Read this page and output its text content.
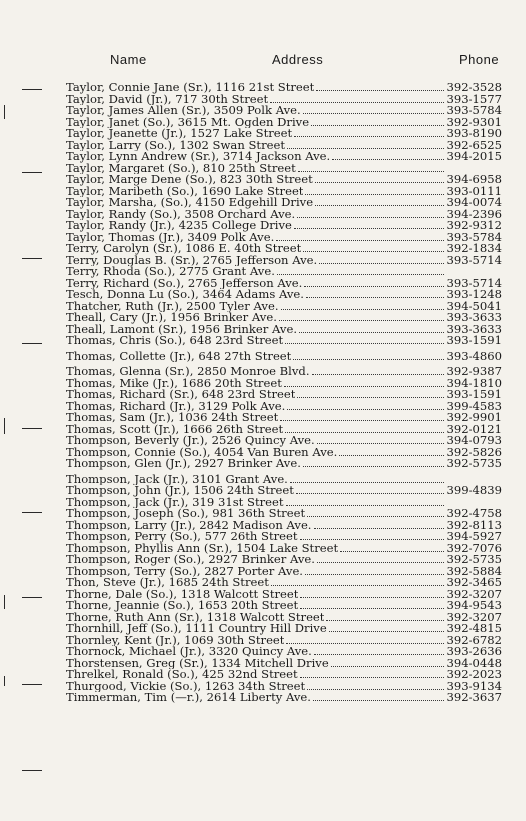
Name	Address	Phone
Taylor, Connie Jane (Sr.), 1116 21st Street	392-3528
Taylor, David (Jr.), 717 30th Street	393-1577
Taylor, James Allen (Sr.), 3509 Polk Ave.	393-5784
Taylor, Janet (So.), 3615 Mt. Ogden Drive	392-9301
Taylor, Jeanette (Jr.), 1527 Lake Street	393-8190
Taylor, Larry (So.), 1302 Swan Street	392-6525
Taylor, Lynn Andrew (Sr.), 3714 Jackson Ave.	394-2015
Taylor, Margaret (So.), 810 25th Street
Taylor, Marge Dene (So.), 823 30th Street	394-6958
Taylor, Maribeth (So.), 1690 Lake Street	393-0111
Taylor, Marsha, (So.), 4150 Edgehill Drive	394-0074
Taylor, Randy (So.), 3508 Orchard Ave.	394-2396
Taylor, Randy (Jr.), 4235 College Drive	392-9312
Taylor, Thomas (Jr.), 3409 Polk Ave.	393-5784
Terry, Carolyn (Sr.), 1086 E. 40th Street	392-1834
Terry, Douglas B. (Sr.), 2765 Jefferson Ave.	393-5714
Terry, Rhoda (So.), 2775 Grant Ave.
Terry, Richard (So.), 2765 Jefferson Ave.	393-5714
Tesch, Donna Lu (So.), 3464 Adams Ave.	393-1248
Thatcher, Ruth (Jr.), 2500 Tyler Ave.	394-5041
Theall, Cary (Jr.), 1956 Brinker Ave.	393-3633
Theall, Lamont (Sr.), 1956 Brinker Ave.	393-3633
Thomas, Chris (So.), 648 23rd Street	393-1591
Thomas, Collette (Jr.), 648 27th Street	393-4860
Thomas, Glenna (Sr.), 2850 Monroe Blvd.	392-9387
Thomas, Mike (Jr.), 1686 20th Street	394-1810
Thomas, Richard (Sr.), 648 23rd Street	393-1591
Thomas, Richard (Jr.), 3129 Polk Ave.	399-4583
Thomas, Sam (Jr.), 1036 24th Street	392-9901
Thomas, Scott (Jr.), 1666 26th Street	392-0121
Thompson, Beverly (Jr.), 2526 Quincy Ave.	394-0793
Thompson, Connie (So.), 4054 Van Buren Ave.	392-5826
Thompson, Glen (Jr.), 2927 Brinker Ave.	392-5735
Thompson, Jack (Jr.), 3101 Grant Ave.
Thompson, John (Jr.), 1506 24th Street	399-4839
Thompson, Jack (Jr.), 319 31st Street
Thompson, Joseph (So.), 981 36th Street	392-4758
Thompson, Larry (Jr.), 2842 Madison Ave.	392-8113
Thompson, Perry (So.), 577 26th Street	394-5927
Thompson, Phyllis Ann (Sr.), 1504 Lake Street	392-7076
Thompson, Roger (So.), 2927 Brinker Ave.	392-5735
Thompson, Terry (So.), 2827 Porter Ave.	392-5884
Thon, Steve (Jr.), 1685 24th Street	392-3465
Thorne, Dale (So.), 1318 Walcott Street	392-3207
Thorne, Jeannie (So.), 1653 20th Street	394-9543
Thorne, Ruth Ann (Sr.), 1318 Walcott Street	392-3207
Thornhill, Jeff (So.), 1111 Country Hill Drive	392-4815
Thornley, Kent (Jr.), 1069 30th Street	392-6782
Thornock, Michael (Jr.), 3320 Quincy Ave.	393-2636
Thorstensen, Greg (Sr.), 1334 Mitchell Drive	394-0448
Threlkel, Ronald (So.), 425 32nd Street	392-2023
Thurgood, Vickie (So.), 1263 34th Street	393-9134
Timmerman, Tim (—r.), 2614 Liberty Ave.	392-3637
